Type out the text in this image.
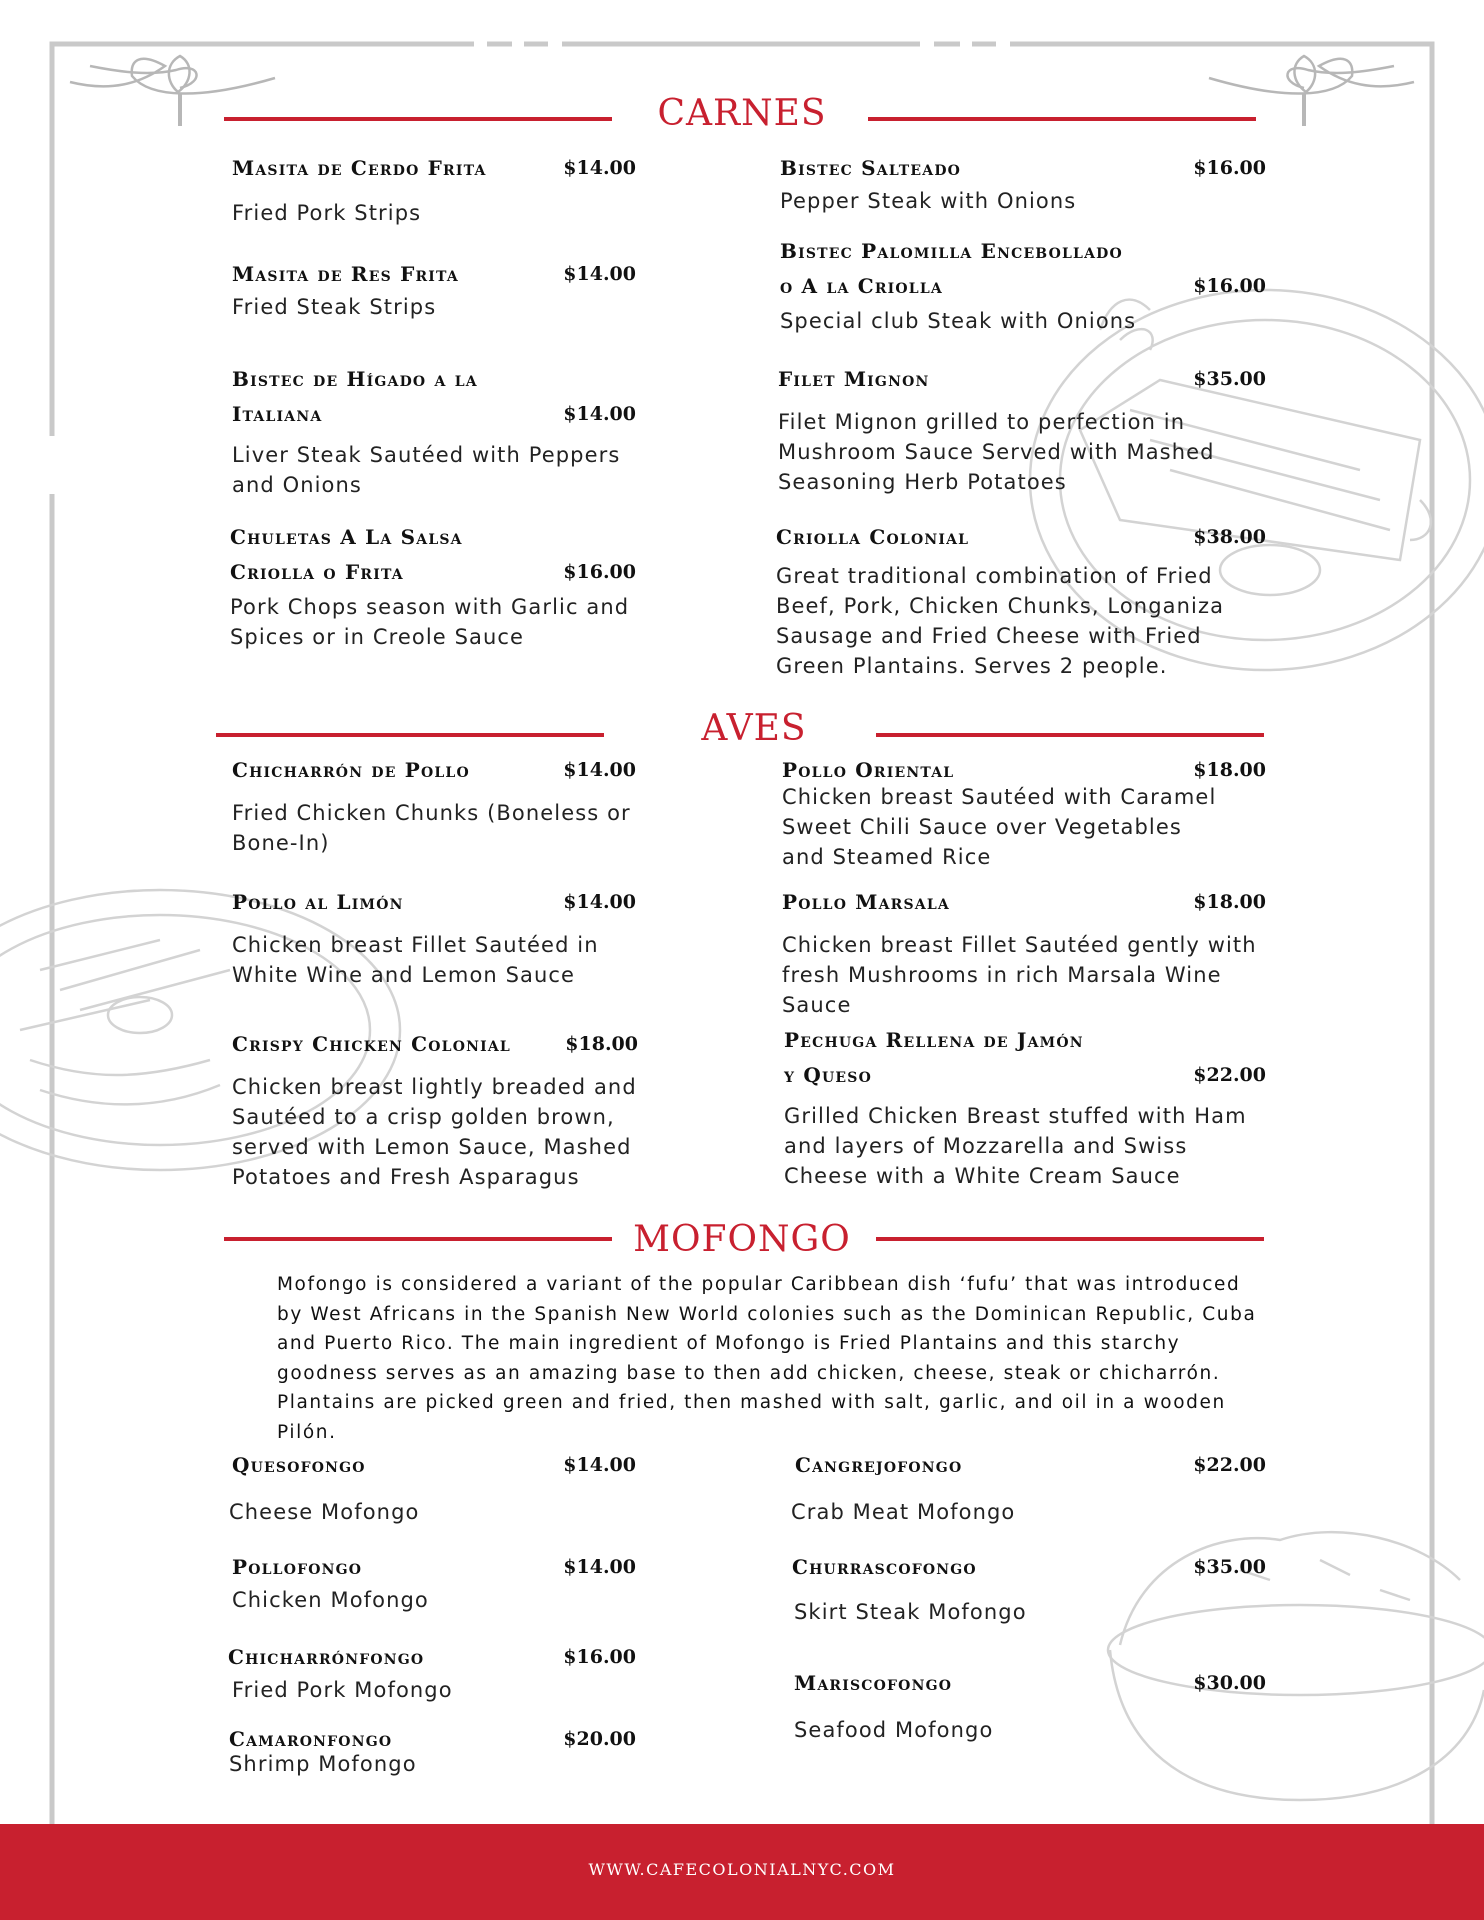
CARNES
Masita de Cerdo Frita	$14.00
Fried Pork Strips
Masita de Res Frita	$14.00
Fried Steak Strips
Bistec de Hígado a la
Italiana	$14.00
Liver Steak Sautéed with Peppers and Onions
Chuletas A La Salsa
Criolla o Frita	$16.00
Pork Chops season with Garlic and Spices or in Creole Sauce
Bistec Salteado	$16.00
Pepper Steak with Onions
Bistec Palomilla Encebollado
o A la Criolla	$16.00
Special club Steak with Onions
Filet Mignon	$35.00
Filet Mignon grilled to perfection in Mushroom Sauce Served with Mashed Seasoning Herb Potatoes
Criolla Colonial	$38.00
Great traditional combination of Fried Beef, Pork, Chicken Chunks, Longaniza Sausage and Fried Cheese with Fried Green Plantains. Serves 2 people.
AVES
Chicharrón de Pollo	$14.00
Fried Chicken Chunks (Boneless or Bone-In)
Pollo al Limón	$14.00
Chicken breast Fillet Sautéed in White Wine and Lemon Sauce
Crispy Chicken Colonial	$18.00
Chicken breast lightly breaded and Sautéed to a crisp golden brown, served with Lemon Sauce, Mashed Potatoes and Fresh Asparagus
Pollo Oriental	$18.00
Chicken breast Sautéed with Caramel Sweet Chili Sauce over Vegetables and Steamed Rice
Pollo Marsala	$18.00
Chicken breast Fillet Sautéed gently with fresh Mushrooms in rich Marsala Wine Sauce
Pechuga Rellena de Jamón
y Queso	$22.00
Grilled Chicken Breast stuffed with Ham and layers of Mozzarella and Swiss Cheese with a White Cream Sauce
MOFONGO
Mofongo is considered a variant of the popular Caribbean dish ‘fufu’ that was introduced by West Africans in the Spanish New World colonies such as the Dominican Republic, Cuba and Puerto Rico. The main ingredient of Mofongo is Fried Plantains and this starchy goodness serves as an amazing base to then add chicken, cheese, steak or chicharrón. Plantains are picked green and fried, then mashed with salt, garlic, and oil in a wooden Pilón.
Quesofongo	$14.00
Cheese Mofongo
Pollofongo	$14.00
Chicken Mofongo
Chicharrónfongo	$16.00
Fried Pork Mofongo
Camaronfongo	$20.00
Shrimp Mofongo
Cangrejofongo	$22.00
Crab Meat Mofongo
Churrascofongo	$35.00
Skirt Steak Mofongo
Mariscofongo	$30.00
Seafood Mofongo
WWW.CAFECOLONIALNYC.COM
